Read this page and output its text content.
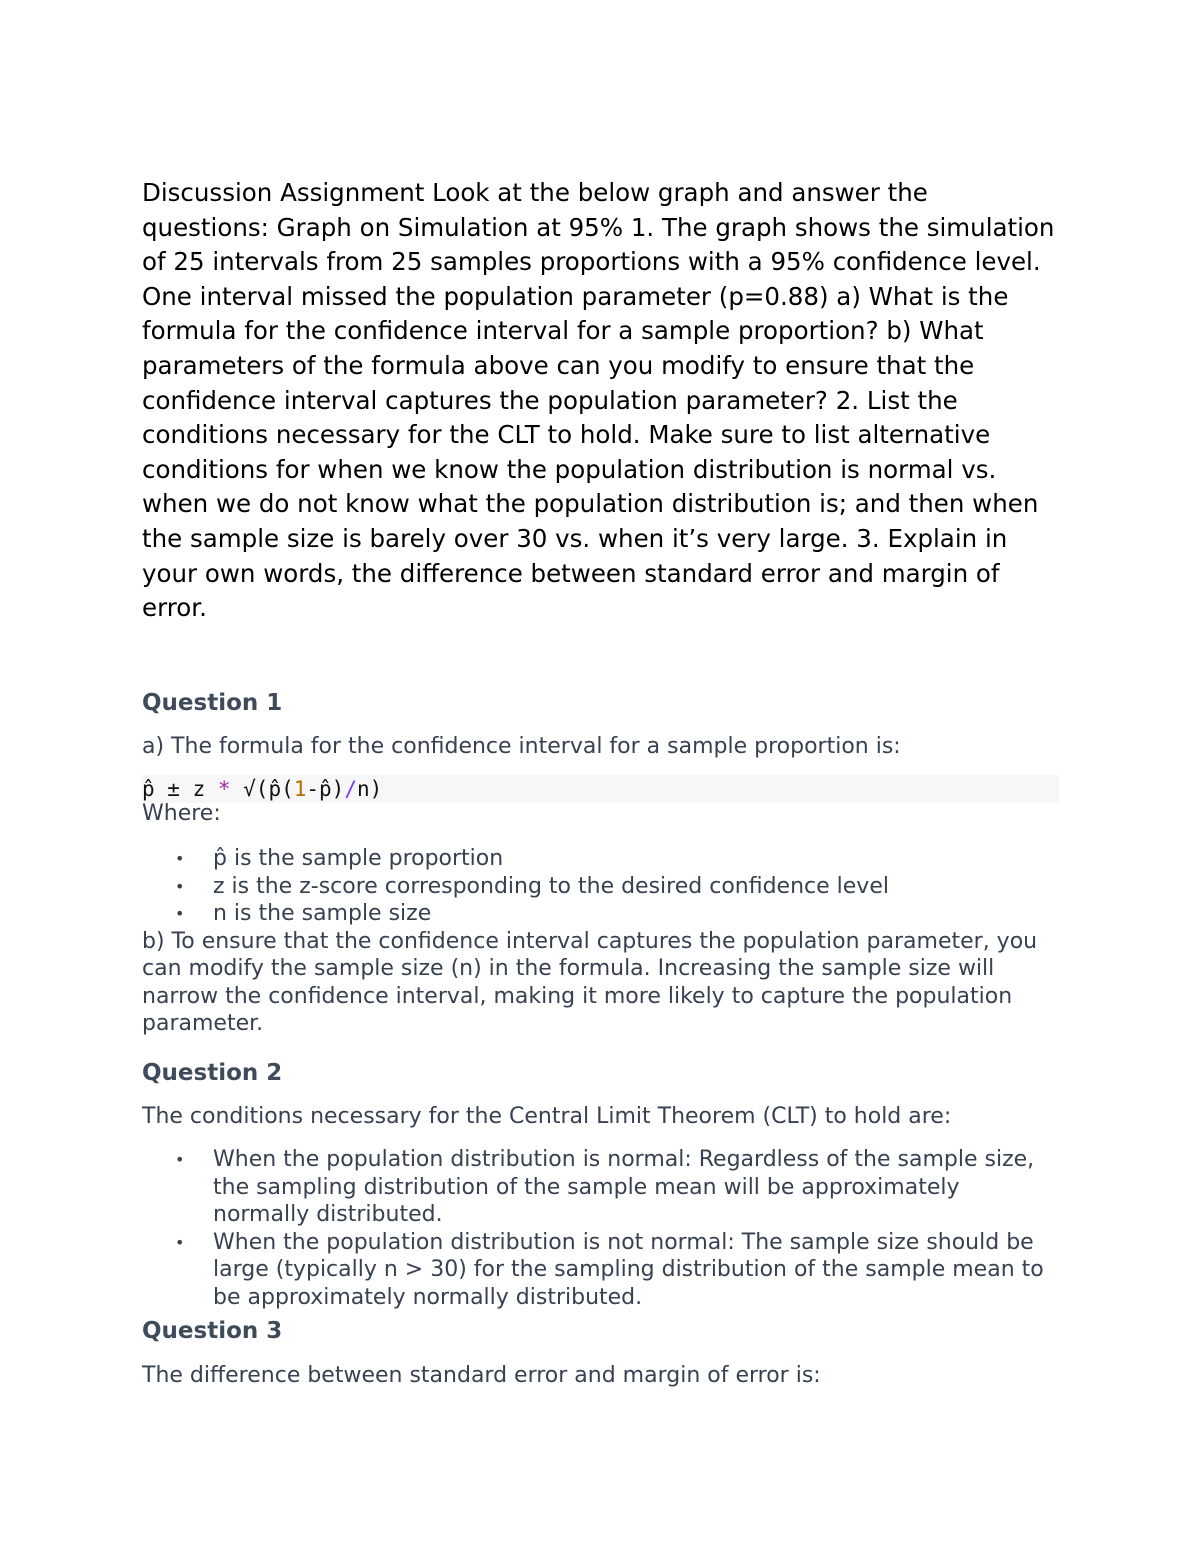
Discussion Assignment Look at the below graph and answer the questions: Graph on Simulation at 95% 1. The graph shows the simulation of 25 intervals from 25 samples proportions with a 95% confidence level. One interval missed the population parameter (p=0.88) a) What is the formula for the confidence interval for a sample proportion? b) What parameters of the formula above can you modify to ensure that the confidence interval captures the population parameter? 2. List the conditions necessary for the CLT to hold. Make sure to list alternative conditions for when we know the population distribution is normal vs. when we do not know what the population distribution is; and then when the sample size is barely over 30 vs. when it’s very large. 3. Explain in your own words, the difference between standard error and margin of error.

Question 1

a) The formula for the confidence interval for a sample proportion is:

p̂ ± z * √(p̂(1-p̂)/n)

Where:

• p̂ is the sample proportion
• z is the z-score corresponding to the desired confidence level
• n is the sample size

b) To ensure that the confidence interval captures the population parameter, you can modify the sample size (n) in the formula. Increasing the sample size will narrow the confidence interval, making it more likely to capture the population parameter.

Question 2

The conditions necessary for the Central Limit Theorem (CLT) to hold are:

• When the population distribution is normal: Regardless of the sample size, the sampling distribution of the sample mean will be approximately normally distributed.
• When the population distribution is not normal: The sample size should be large (typically n > 30) for the sampling distribution of the sample mean to be approximately normally distributed.
Question 3

The difference between standard error and margin of error is:
